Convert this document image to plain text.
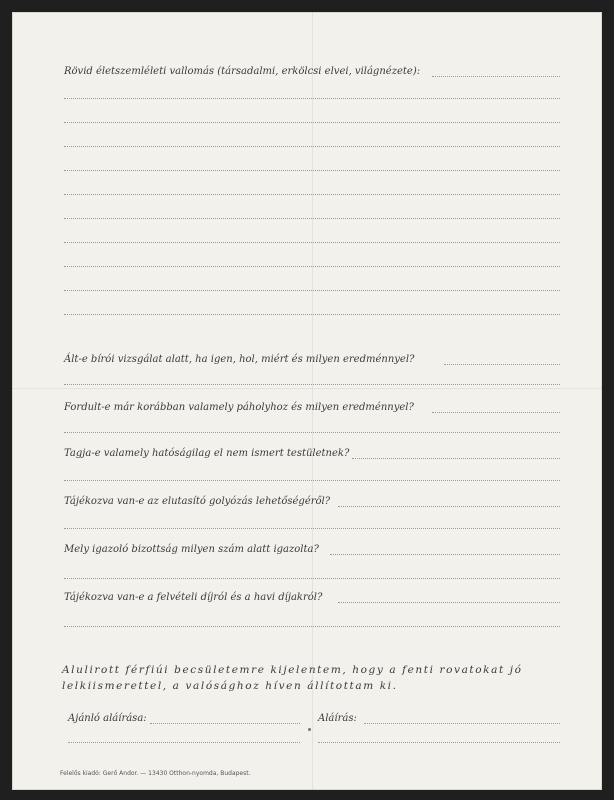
Rövid életszemléleti vallomás (társadalmi, erkölcsi elvei, világnézete):
Ált-e bírói vizsgálat alatt, ha igen, hol, miért és milyen eredménnyel?
Fordult-e már korábban valamely páholyhoz és milyen eredménnyel?
Tagja-e valamely hatóságilag el nem ismert testületnek?
Tájékozva van-e az elutasító golyózás lehetőségéről?
Mely igazoló bizottság milyen szám alatt igazolta?
Tájékozva van-e a felvételi díjról és a havi díjakról?
Alulirott férfiúi becsületemre kijelentem, hogy a fenti rovatokat jó lelkiismerettel, a valósághoz híven állítottam ki.
Ajánló aláírása:	Aláírás:
Felelős kiadó: Gerő Andor. — 13430 Otthon-nyomda, Budapest.
